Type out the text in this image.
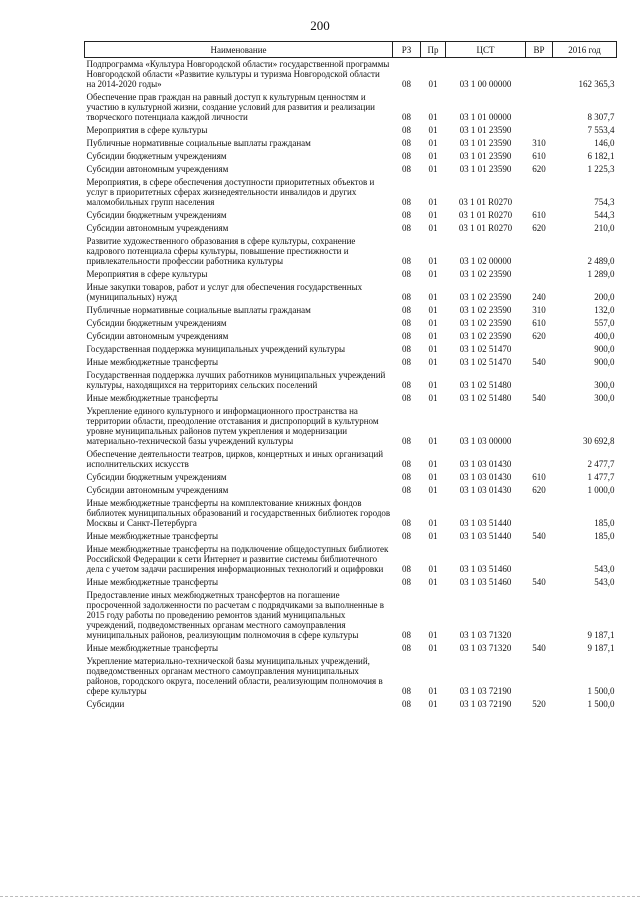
200
Наименование	РЗ	Пр	ЦСТ	ВР	2016 год
Подпрограмма «Культура Новгородской области» государственной программы Новгородской области «Развитие культуры и туризма Новгородской области на 2014-2020 годы»	08	01	03 1 00 00000		162 365,3
Обеспечение прав граждан на равный доступ к культурным ценностям и участию в культурной жизни, создание условий для развития и реализации творческого потенциала каждой личности	08	01	03 1 01 00000		8 307,7
Мероприятия в сфере культуры	08	01	03 1 01 23590		7 553,4
Публичные нормативные социальные выплаты гражданам	08	01	03 1 01 23590	310	146,0
Субсидии бюджетным учреждениям	08	01	03 1 01 23590	610	6 182,1
Субсидии автономным учреждениям	08	01	03 1 01 23590	620	1 225,3
Мероприятия, в сфере обеспечения доступности приоритетных объектов и услуг в приоритетных сферах жизнедеятельности инвалидов и других маломобильных групп населения	08	01	03 1 01 R0270		754,3
Субсидии бюджетным учреждениям	08	01	03 1 01 R0270	610	544,3
Субсидии автономным учреждениям	08	01	03 1 01 R0270	620	210,0
Развитие художественного образования в сфере культуры, сохранение кадрового потенциала сферы культуры, повышение престижности и привлекательности профессии работника культуры	08	01	03 1 02 00000		2 489,0
Мероприятия в сфере культуры	08	01	03 1 02 23590		1 289,0
Иные закупки товаров, работ и услуг для обеспечения государственных (муниципальных) нужд	08	01	03 1 02 23590	240	200,0
Публичные нормативные социальные выплаты гражданам	08	01	03 1 02 23590	310	132,0
Субсидии бюджетным учреждениям	08	01	03 1 02 23590	610	557,0
Субсидии автономным учреждениям	08	01	03 1 02 23590	620	400,0
Государственная поддержка муниципальных учреждений культуры	08	01	03 1 02 51470		900,0
Иные межбюджетные трансферты	08	01	03 1 02 51470	540	900,0
Государственная поддержка лучших работников муниципальных учреждений культуры, находящихся на территориях сельских поселений	08	01	03 1 02 51480		300,0
Иные межбюджетные трансферты	08	01	03 1 02 51480	540	300,0
Укрепление единого культурного и информационного пространства на территории области, преодоление отставания и диспропорций в культурном уровне муниципальных районов путем укрепления и модернизации материально-технической базы учреждений культуры	08	01	03 1 03 00000		30 692,8
Обеспечение деятельности театров, цирков, концертных и иных организаций исполнительских искусств	08	01	03 1 03 01430		2 477,7
Субсидии бюджетным учреждениям	08	01	03 1 03 01430	610	1 477,7
Субсидии автономным учреждениям	08	01	03 1 03 01430	620	1 000,0
Иные межбюджетные трансферты на комплектование книжных фондов библиотек муниципальных образований и государственных библиотек городов Москвы и Санкт-Петербурга	08	01	03 1 03 51440		185,0
Иные межбюджетные трансферты	08	01	03 1 03 51440	540	185,0
Иные межбюджетные трансферты на подключение общедоступных библиотек Российской Федерации к сети Интернет и развитие системы библиотечного дела с учетом задачи расширения информационных технологий и оцифровки	08	01	03 1 03 51460		543,0
Иные межбюджетные трансферты	08	01	03 1 03 51460	540	543,0
Предоставление иных межбюджетных трансфертов на погашение просроченной задолженности по расчетам с подрядчиками за выполненные в 2015 году работы по проведению ремонтов зданий муниципальных учреждений, подведомственных органам местного самоуправления муниципальных районов, реализующим полномочия в сфере культуры	08	01	03 1 03 71320		9 187,1
Иные межбюджетные трансферты	08	01	03 1 03 71320	540	9 187,1
Укрепление материально-технической базы муниципальных учреждений, подведомственных органам местного самоуправления муниципальных районов, городского округа, поселений области, реализующим полномочия в сфере культуры	08	01	03 1 03 72190		1 500,0
Субсидии	08	01	03 1 03 72190	520	1 500,0
